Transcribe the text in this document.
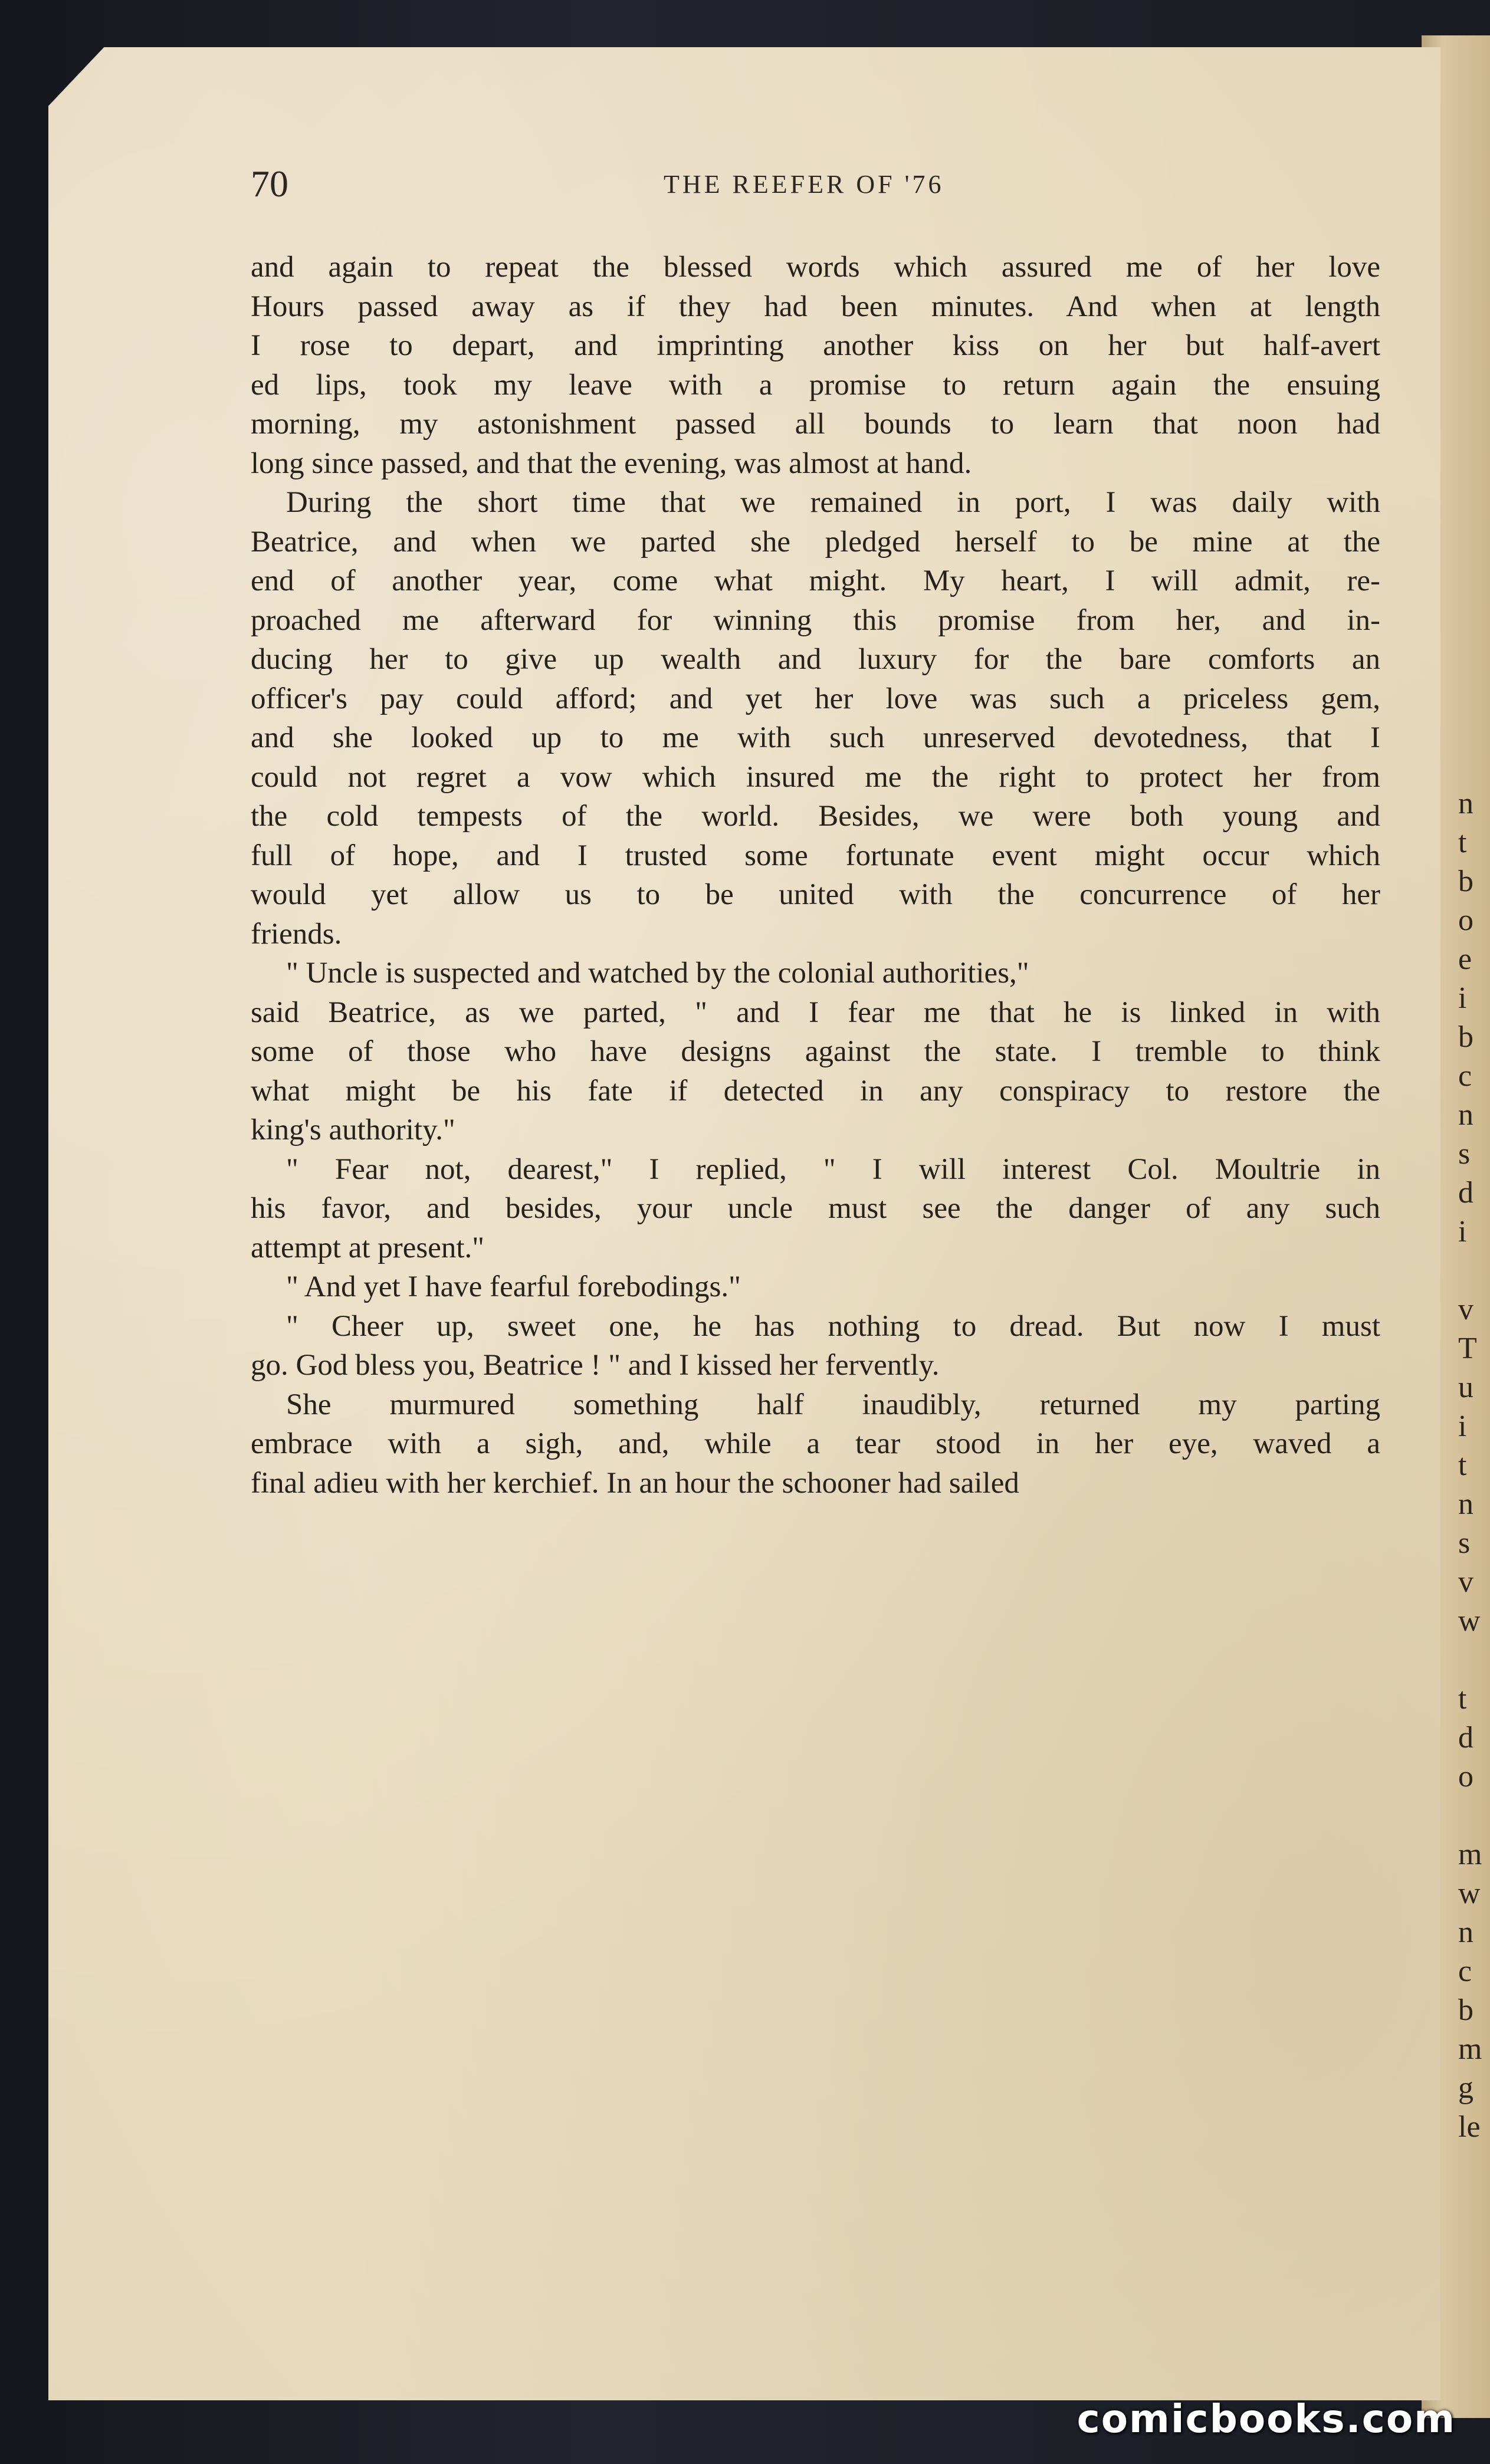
n
t
b
o
e
i
b
c
n
s
d
i
v
T
u
i
t
n
s
v
w
t
d
o
m
w
n
c
b
m
g
le
70	THE REEFER OF '76
and again to repeat the blessed words which assured me of her love
Hours passed away as if they had been minutes. And when at length
I rose to depart, and imprinting another kiss on her but half-avert
ed lips, took my leave with a promise to return again the ensuing
morning, my astonishment passed all bounds to learn that noon had
long since passed, and that the evening, was almost at hand.
During the short time that we remained in port, I was daily with
Beatrice, and when we parted she pledged herself to be mine at the
end of another year, come what might. My heart, I will admit, re-
proached me afterward for winning this promise from her, and in-
ducing her to give up wealth and luxury for the bare comforts an
officer's pay could afford; and yet her love was such a priceless gem,
and she looked up to me with such unreserved devotedness, that I
could not regret a vow which insured me the right to protect her from
the cold tempests of the world. Besides, we were both young and
full of hope, and I trusted some fortunate event might occur which
would yet allow us to be united with the concurrence of her
friends.
" Uncle is suspected and watched by the colonial authorities,"
said Beatrice, as we parted, " and I fear me that he is linked in with
some of those who have designs against the state. I tremble to think
what might be his fate if detected in any conspiracy to restore the
king's authority."
" Fear not, dearest," I replied, " I will interest Col. Moultrie in
his favor, and besides, your uncle must see the danger of any such
attempt at present."
" And yet I have fearful forebodings."
" Cheer up, sweet one, he has nothing to dread. But now I must
go. God bless you, Beatrice ! " and I kissed her fervently.
She murmured something half inaudibly, returned my parting
embrace with a sigh, and, while a tear stood in her eye, waved a
final adieu with her kerchief. In an hour the schooner had sailed
comicbooks.com
